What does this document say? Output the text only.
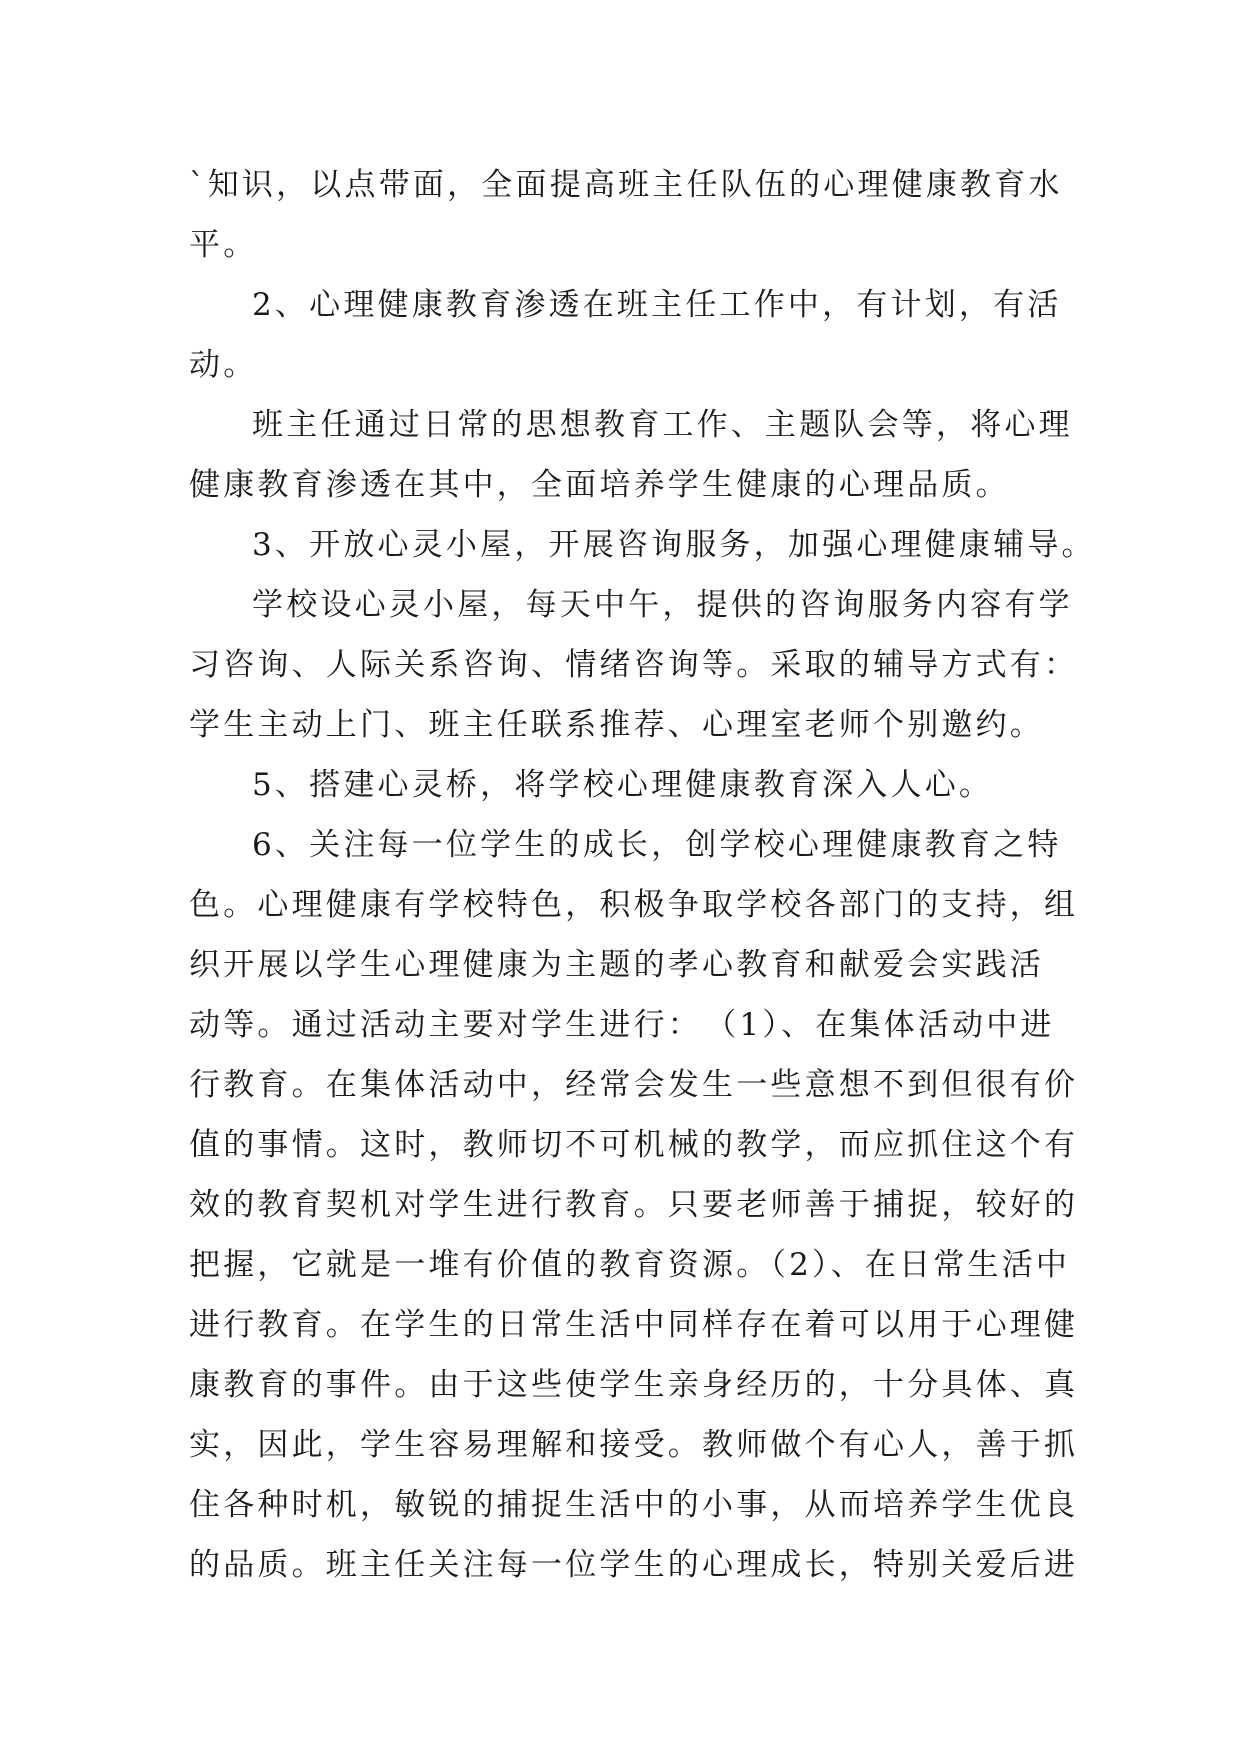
`知识，以点带面，全面提高班主任队伍的心理健康教育水
平。
2、心理健康教育渗透在班主任工作中，有计划，有活
动。
班主任通过日常的思想教育工作、主题队会等，将心理
健康教育渗透在其中，全面培养学生健康的心理品质。
3、开放心灵小屋，开展咨询服务，加强心理健康辅导。
学校设心灵小屋，每天中午，提供的咨询服务内容有学
习咨询、人际关系咨询、情绪咨询等。采取的辅导方式有：
学生主动上门、班主任联系推荐、心理室老师个别邀约。
5、搭建心灵桥，将学校心理健康教育深入人心。
6、关注每一位学生的成长，创学校心理健康教育之特
色。心理健康有学校特色，积极争取学校各部门的支持，组
织开展以学生心理健康为主题的孝心教育和献爱会实践活
动等。通过活动主要对学生进行：　（1）、在集体活动中进
行教育。在集体活动中，经常会发生一些意想不到但很有价
值的事情。这时，教师切不可机械的教学，而应抓住这个有
效的教育契机对学生进行教育。只要老师善于捕捉，较好的
把握，它就是一堆有价值的教育资源。（2）、在日常生活中
进行教育。在学生的日常生活中同样存在着可以用于心理健
康教育的事件。由于这些使学生亲身经历的，十分具体、真
实，因此，学生容易理解和接受。教师做个有心人，善于抓
住各种时机，敏锐的捕捉生活中的小事，从而培养学生优良
的品质。班主任关注每一位学生的心理成长，特别关爱后进
